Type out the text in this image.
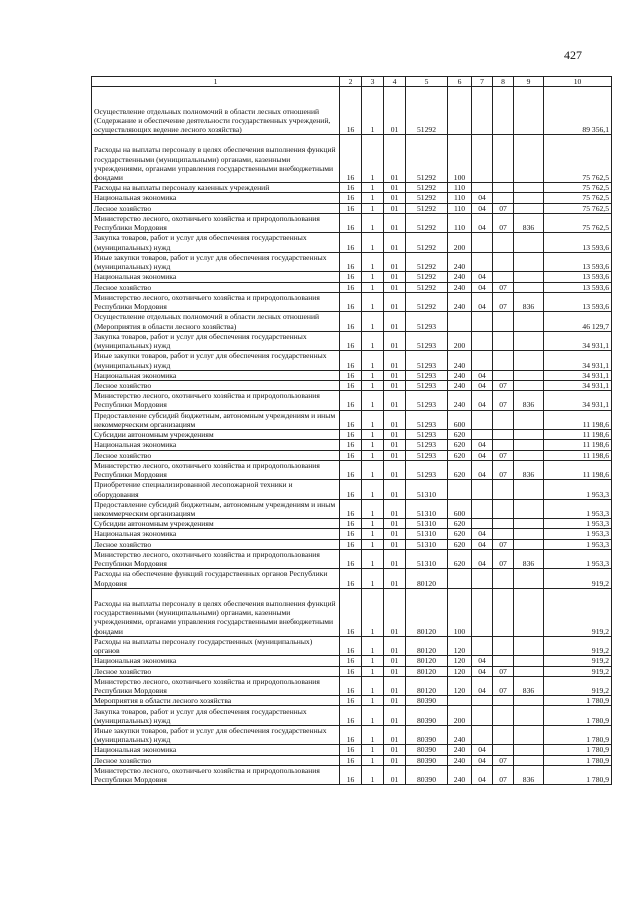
427
1	2	3	4	5	6	7	8	9	10
Осуществление отдельных полномочий в области лесных отношений (Содержание и обеспечение деятельности государственных учреждений, осуществляющих ведение лесного хозяйства)	16	1	01	51292					89 356,1
Расходы на выплаты персоналу в целях обеспечения выполнения функций государственными (муниципальными) органами, казенными учреждениями, органами управления государственными внебюджетными фондами	16	1	01	51292	100				75 762,5
Расходы на выплаты персоналу казенных учреждений	16	1	01	51292	110				75 762,5
Национальная экономика	16	1	01	51292	110	04			75 762,5
Лесное хозяйство	16	1	01	51292	110	04	07		75 762,5
Министерство лесного, охотничьего хозяйства и природопользования Республики Мордовия	16	1	01	51292	110	04	07	836	75 762,5
Закупка товаров, работ и услуг для обеспечения государственных (муниципальных) нужд	16	1	01	51292	200				13 593,6
Иные закупки товаров, работ и услуг для обеспечения государственных (муниципальных) нужд	16	1	01	51292	240				13 593,6
Национальная экономика	16	1	01	51292	240	04			13 593,6
Лесное хозяйство	16	1	01	51292	240	04	07		13 593,6
Министерство лесного, охотничьего хозяйства и природопользования Республики Мордовия	16	1	01	51292	240	04	07	836	13 593,6
Осуществление отдельных полномочий в области лесных отношений (Мероприятия в области лесного хозяйства)	16	1	01	51293					46 129,7
Закупка товаров, работ и услуг для обеспечения государственных (муниципальных) нужд	16	1	01	51293	200				34 931,1
Иные закупки товаров, работ и услуг для обеспечения государственных (муниципальных) нужд	16	1	01	51293	240				34 931,1
Национальная экономика	16	1	01	51293	240	04			34 931,1
Лесное хозяйство	16	1	01	51293	240	04	07		34 931,1
Министерство лесного, охотничьего хозяйства и природопользования Республики Мордовия	16	1	01	51293	240	04	07	836	34 931,1
Предоставление субсидий бюджетным, автономным учреждениям и иным некоммерческим организациям	16	1	01	51293	600				11 198,6
Субсидии автономным учреждениям	16	1	01	51293	620				11 198,6
Национальная экономика	16	1	01	51293	620	04			11 198,6
Лесное хозяйство	16	1	01	51293	620	04	07		11 198,6
Министерство лесного, охотничьего хозяйства и природопользования Республики Мордовия	16	1	01	51293	620	04	07	836	11 198,6
Приобретение специализированной лесопожарной техники и оборудования	16	1	01	51310					1 953,3
Предоставление субсидий бюджетным, автономным учреждениям и иным некоммерческим организациям	16	1	01	51310	600				1 953,3
Субсидии автономным учреждениям	16	1	01	51310	620				1 953,3
Национальная экономика	16	1	01	51310	620	04			1 953,3
Лесное хозяйство	16	1	01	51310	620	04	07		1 953,3
Министерство лесного, охотничьего хозяйства и природопользования Республики Мордовия	16	1	01	51310	620	04	07	836	1 953,3
Расходы на обеспечение функций государственных органов Республики Мордовия	16	1	01	80120					919,2
Расходы на выплаты персоналу в целях обеспечения выполнения функций государственными (муниципальными) органами, казенными учреждениями, органами управления государственными внебюджетными фондами	16	1	01	80120	100				919,2
Расходы на выплаты персоналу государственных (муниципальных) органов	16	1	01	80120	120				919,2
Национальная экономика	16	1	01	80120	120	04			919,2
Лесное хозяйство	16	1	01	80120	120	04	07		919,2
Министерство лесного, охотничьего хозяйства и природопользования Республики Мордовия	16	1	01	80120	120	04	07	836	919,2
Мероприятия в области лесного хозяйства	16	1	01	80390					1 780,9
Закупка товаров, работ и услуг для обеспечения государственных (муниципальных) нужд	16	1	01	80390	200				1 780,9
Иные закупки товаров, работ и услуг для обеспечения государственных (муниципальных) нужд	16	1	01	80390	240				1 780,9
Национальная экономика	16	1	01	80390	240	04			1 780,9
Лесное хозяйство	16	1	01	80390	240	04	07		1 780,9
Министерство лесного, охотничьего хозяйства и природопользования Республики Мордовия	16	1	01	80390	240	04	07	836	1 780,9
